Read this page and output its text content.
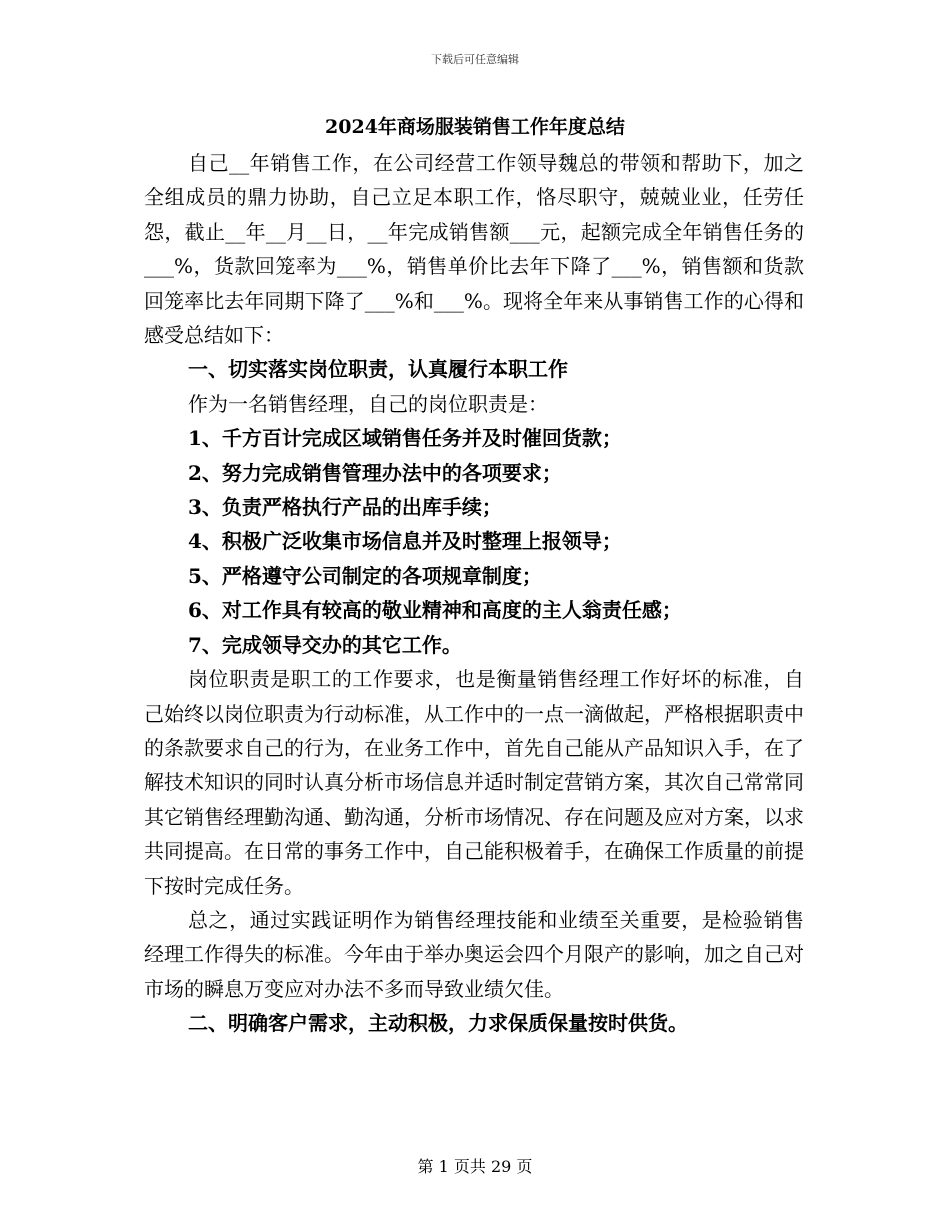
下载后可任意编辑
2024年商场服装销售工作年度总结

自己__年销售工作，在公司经营工作领导魏总的带领和帮助下，加之全组成员的鼎力协助，自己立足本职工作，恪尽职守，兢兢业业，任劳任怨，截止__年__月__日，__年完成销售额___元，起额完成全年销售任务的___%，货款回笼率为___%，销售单价比去年下降了___%，销售额和货款回笼率比去年同期下降了___%和___%。现将全年来从事销售工作的心得和感受总结如下：

一、切实落实岗位职责，认真履行本职工作

作为一名销售经理，自己的岗位职责是：

1、千方百计完成区域销售任务并及时催回货款；

2、努力完成销售管理办法中的各项要求；

3、负责严格执行产品的出库手续；

4、积极广泛收集市场信息并及时整理上报领导；

5、严格遵守公司制定的各项规章制度；

6、对工作具有较高的敬业精神和高度的主人翁责任感；

7、完成领导交办的其它工作。

岗位职责是职工的工作要求，也是衡量销售经理工作好坏的标准，自己始终以岗位职责为行动标准，从工作中的一点一滴做起，严格根据职责中的条款要求自己的行为，在业务工作中，首先自己能从产品知识入手，在了解技术知识的同时认真分析市场信息并适时制定营销方案，其次自己常常同其它销售经理勤沟通、勤沟通，分析市场情况、存在问题及应对方案，以求共同提高。在日常的事务工作中，自己能积极着手，在确保工作质量的前提下按时完成任务。

总之，通过实践证明作为销售经理技能和业绩至关重要，是检验销售经理工作得失的标准。今年由于举办奥运会四个月限产的影响，加之自己对市场的瞬息万变应对办法不多而导致业绩欠佳。

二、明确客户需求，主动积极，力求保质保量按时供货。

第 1 页共 29 页
